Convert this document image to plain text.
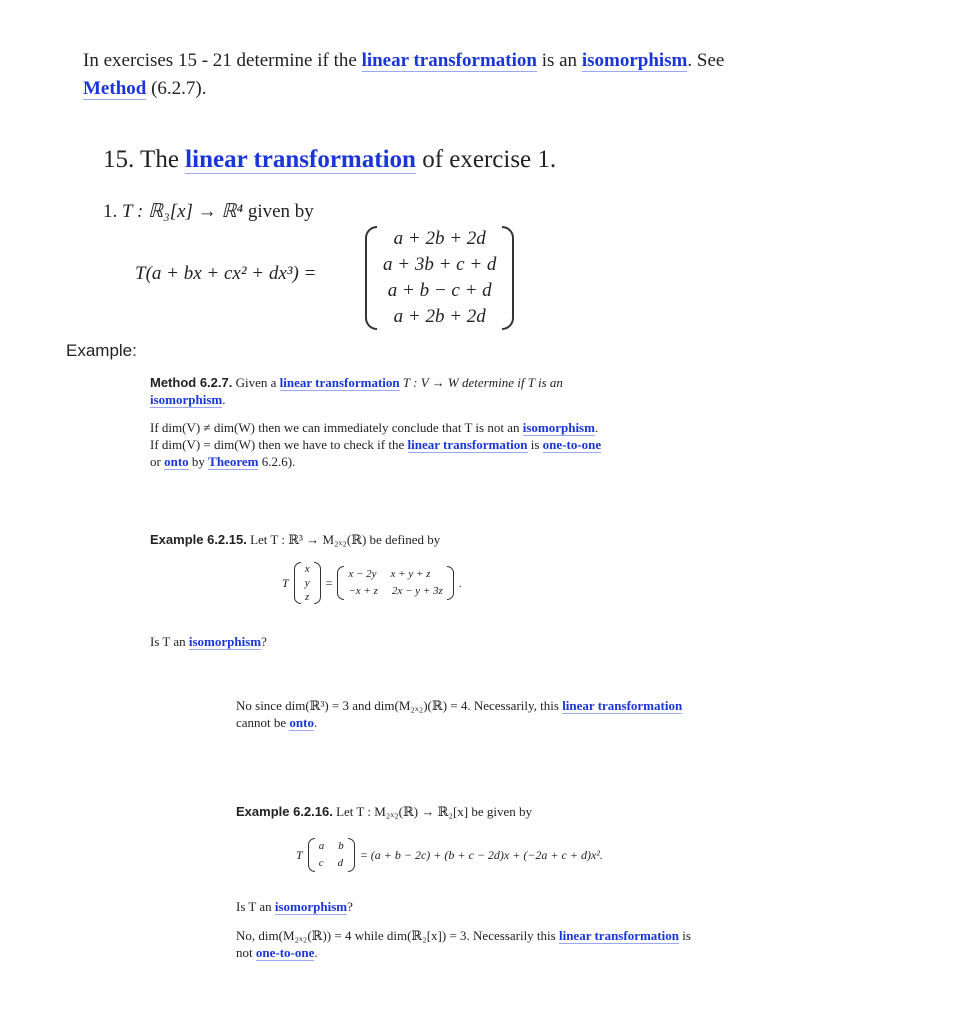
In exercises 15 - 21 determine if the linear transformation is an isomorphism. See
Method (6.2.7).
15. The linear transformation of exercise 1.
1. T : ℝ₃[x] → ℝ⁴ given by
T(a + bx + cx² + dx³) =
a + 2b + 2d
a + 3b + c + d
a + b − c + d
a + 2b + 2d
Example:
Method 6.2.7. Given a linear transformation T : V → W determine if T is an
isomorphism.
If dim(V) ≠ dim(W) then we can immediately conclude that T is not an isomorphism.
If dim(V) = dim(W) then we have to check if the linear transformation is one-to-one
or onto by Theorem 6.2.6).
Example 6.2.15. Let T : ℝ³ → M₂ₓ₂(ℝ) be defined by
T
x
y
z
=
x − 2y x + y + z
−x + z 2x − y + 3z
.
Is T an isomorphism?
No since dim(ℝ³) = 3 and dim(M₂ₓ₂)(ℝ) = 4. Necessarily, this linear transformation
cannot be onto.
Example 6.2.16. Let T : M₂ₓ₂(ℝ) → ℝ₂[x] be given by
T
a b
c d
= (a + b − 2c) + (b + c − 2d)x + (−2a + c + d)x².
Is T an isomorphism?
No, dim(M₂ₓ₂(ℝ)) = 4 while dim(ℝ₂[x]) = 3. Necessarily this linear transformation is
not one-to-one.
